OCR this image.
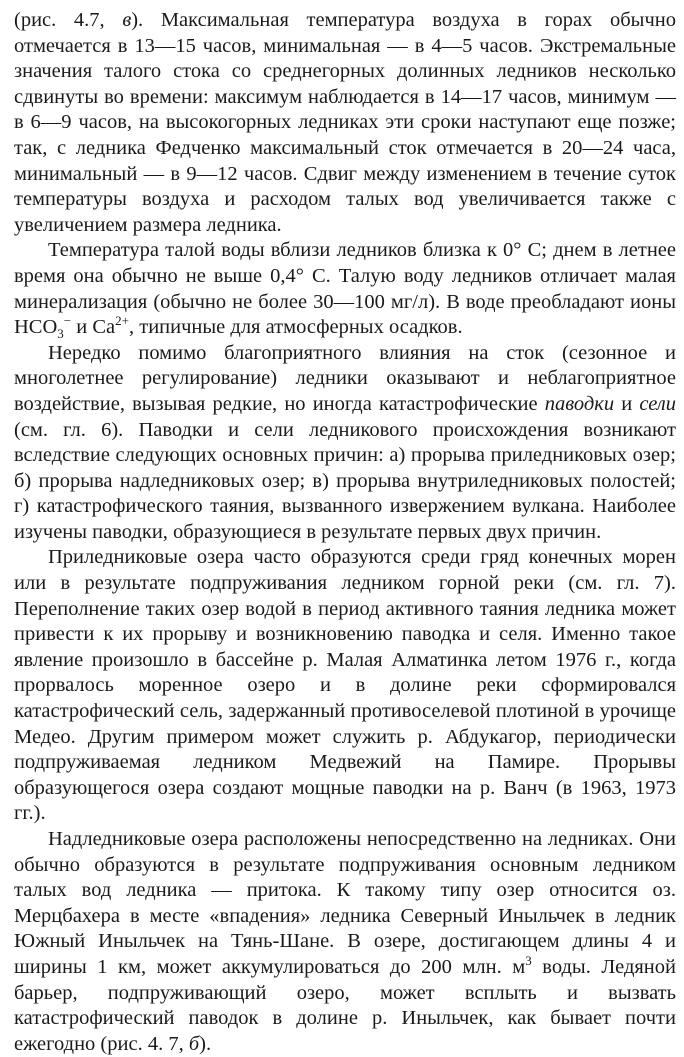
(рис. 4.7, в). Максимальная температура воздуха в горах обычно отмечается в 13—15 часов, минимальная — в 4—5 часов. Экстремальные значения талого стока со среднегорных долинных ледников несколько сдвинуты во времени: максимум наблюдается в 14—17 часов, минимум — в 6—9 часов, на высокогорных ледниках эти сроки наступают еще позже; так, с ледника Федченко максимальный сток отмечается в 20—24 часа, минимальный — в 9—12 часов. Сдвиг между изменением в течение суток температуры воздуха и расходом талых вод увеличивается также с увеличением размера ледника.

Температура талой воды вблизи ледников близка к 0° С; днем в летнее время она обычно не выше 0,4° С. Талую воду ледников отличает малая минерализация (обычно не более 30—100 мг/л). В воде преобладают ионы $HCO_3^-$ и $Ca^{2+}$, типичные для атмосферных осадков.

Нередко помимо благоприятного влияния на сток (сезонное и многолетнее регулирование) ледники оказывают и неблагоприятное воздействие, вызывая редкие, но иногда катастрофические паводки и сели (см. гл. 6). Паводки и сели ледникового происхождения возникают вследствие следующих основных причин: а) прорыва приледниковых озер; б) прорыва надледниковых озер; в) прорыва внутриледниковых полостей; г) катастрофического таяния, вызванного извержением вулкана. Наиболее изучены паводки, образующиеся в результате первых двух причин.

Приледниковые озера часто образуются среди гряд конечных морен или в результате подпруживания ледником горной реки (см. гл. 7). Переполнение таких озер водой в период активного таяния ледника может привести к их прорыву и возникновению паводка и селя. Именно такое явление произошло в бассейне р. Малая Алматинка летом 1976 г., когда прорвалось моренное озеро и в долине реки сформировался катастрофический сель, задержанный противоселевой плотиной в урочище Медео. Другим примером может служить р. Абдукагор, периодически подпруживаемая ледником Медвежий на Памире. Прорывы образующегося озера создают мощные паводки на р. Ванч (в 1963, 1973 гг.).

Надледниковые озера расположены непосредственно на ледниках. Они обычно образуются в результате подпруживания основным ледником талых вод ледника — притока. К такому типу озер относится оз. Мерцбахера в месте «впадения» ледника Северный Иныльчек в ледник Южный Иныльчек на Тянь-Шане. В озере, достигающем длины 4 и ширины 1 км, может аккумулироваться до 200 млн. $м^3$ воды. Ледяной барьер, подпруживающий озеро, может всплыть и вызвать катастрофический паводок в долине р. Иныльчек, как бывает почти ежегодно (рис. 4. 7, б).
